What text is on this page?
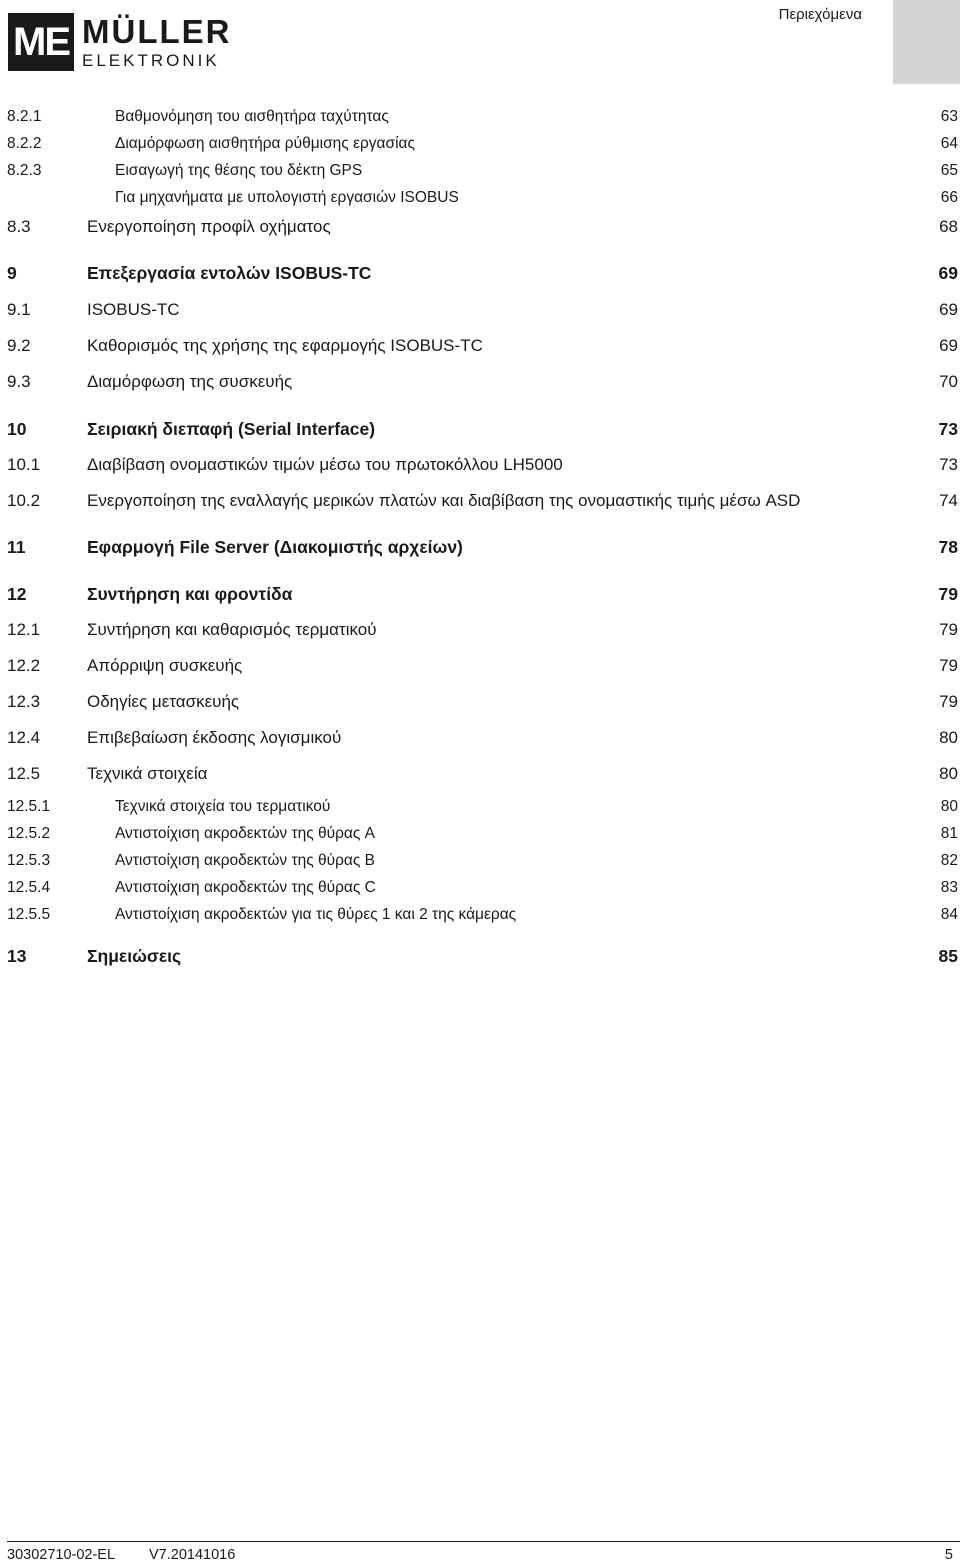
ME MÜLLER
ELEKTRONIK
Περιεχόμενα
8.2.1	Βαθμονόμηση του αισθητήρα ταχύτητας	63
8.2.2	Διαμόρφωση αισθητήρα ρύθμισης εργασίας	64
8.2.3	Εισαγωγή της θέσης του δέκτη GPS	65
Για μηχανήματα με υπολογιστή εργασιών ISOBUS	66
8.3	Ενεργοποίηση προφίλ οχήματος	68
9	Επεξεργασία εντολών ISOBUS-TC	69
9.1	ISOBUS-TC	69
9.2	Καθορισμός της χρήσης της εφαρμογής ISOBUS-TC	69
9.3	Διαμόρφωση της συσκευής	70
10	Σειριακή διεπαφή (Serial Interface)	73
10.1	Διαβίβαση ονομαστικών τιμών μέσω του πρωτοκόλλου LH5000	73
10.2	Ενεργοποίηση της εναλλαγής μερικών πλατών και διαβίβαση της ονομαστικής τιμής μέσω ASD	74
11	Εφαρμογή File Server (Διακομιστής αρχείων)	78
12	Συντήρηση και φροντίδα	79
12.1	Συντήρηση και καθαρισμός τερματικού	79
12.2	Απόρριψη συσκευής	79
12.3	Οδηγίες μετασκευής	79
12.4	Επιβεβαίωση έκδοσης λογισμικού	80
12.5	Τεχνικά στοιχεία	80
12.5.1	Τεχνικά στοιχεία του τερματικού	80
12.5.2	Αντιστοίχιση ακροδεκτών της θύρας A	81
12.5.3	Αντιστοίχιση ακροδεκτών της θύρας B	82
12.5.4	Αντιστοίχιση ακροδεκτών της θύρας C	83
12.5.5	Αντιστοίχιση ακροδεκτών για τις θύρες 1 και 2 της κάμερας	84
13	Σημειώσεις	85
30302710-02-EL V7.20141016	5
